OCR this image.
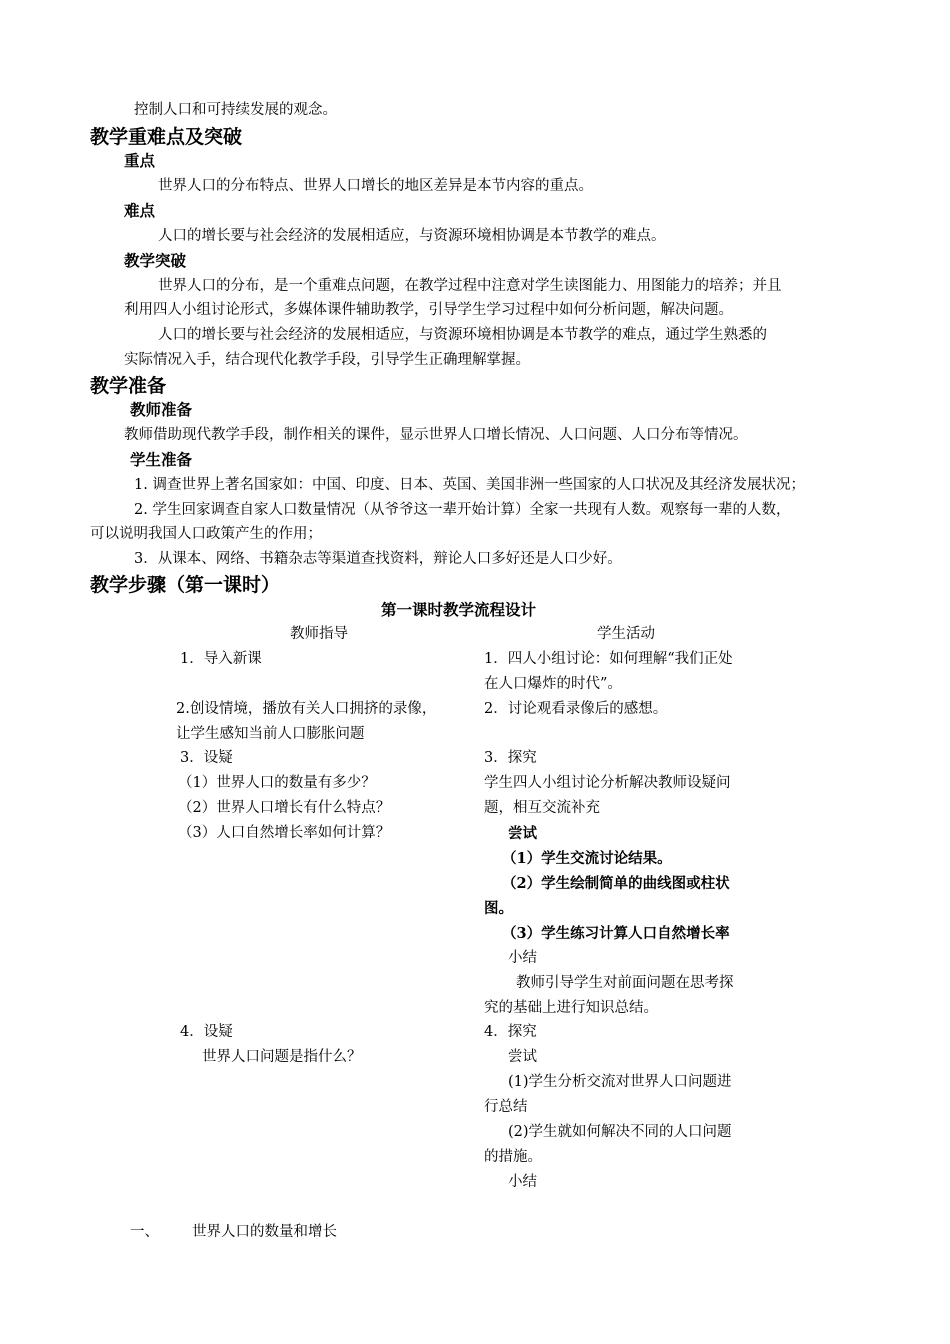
控制人口和可持续发展的观念。
教学重难点及突破
重点
世界人口的分布特点、世界人口增长的地区差异是本节内容的重点。
难点
人口的增长要与社会经济的发展相适应，与资源环境相协调是本节教学的难点。
教学突破
世界人口的分布，是一个重难点问题，在教学过程中注意对学生读图能力、用图能力的培养；并且
利用四人小组讨论形式，多媒体课件辅助教学，引导学生学习过程中如何分析问题，解决问题。
人口的增长要与社会经济的发展相适应，与资源环境相协调是本节教学的难点，通过学生熟悉的
实际情况入手，结合现代化教学手段，引导学生正确理解掌握。
教学准备
教师准备
教师借助现代教学手段，制作相关的课件，显示世界人口增长情况、人口问题、人口分布等情况。
学生准备
1. 调查世界上著名国家如：中国、印度、日本、英国、美国非洲一些国家的人口状况及其经济发展状况；
2. 学生回家调查自家人口数量情况（从爷爷这一辈开始计算）全家一共现有人数。观察每一辈的人数，
可以说明我国人口政策产生的作用；
3．从课本、网络、书籍杂志等渠道查找资料，辩论人口多好还是人口少好。
教学步骤（第一课时）
第一课时教学流程设计
教师指导	学生活动
1．导入新课
2.创设情境，播放有关人口拥挤的录像，
让学生感知当前人口膨胀问题
3．设疑
（1）世界人口的数量有多少？
（2）世界人口增长有什么特点？
（3）人口自然增长率如何计算？
4．设疑
世界人口问题是指什么？
1．四人小组讨论：如何理解“我们正处
在人口爆炸的时代”。
2．讨论观看录像后的感想。
3．探究
学生四人小组讨论分析解决教师设疑问
题，相互交流补充
尝试
（1）学生交流讨论结果。
（2）学生绘制简单的曲线图或柱状
图。
（3）学生练习计算人口自然增长率
小结
教师引导学生对前面问题在思考探
究的基础上进行知识总结。
4．探究
尝试
(1)学生分析交流对世界人口问题进
行总结
(2)学生就如何解决不同的人口问题
的措施。
小结
一、 世界人口的数量和增长
